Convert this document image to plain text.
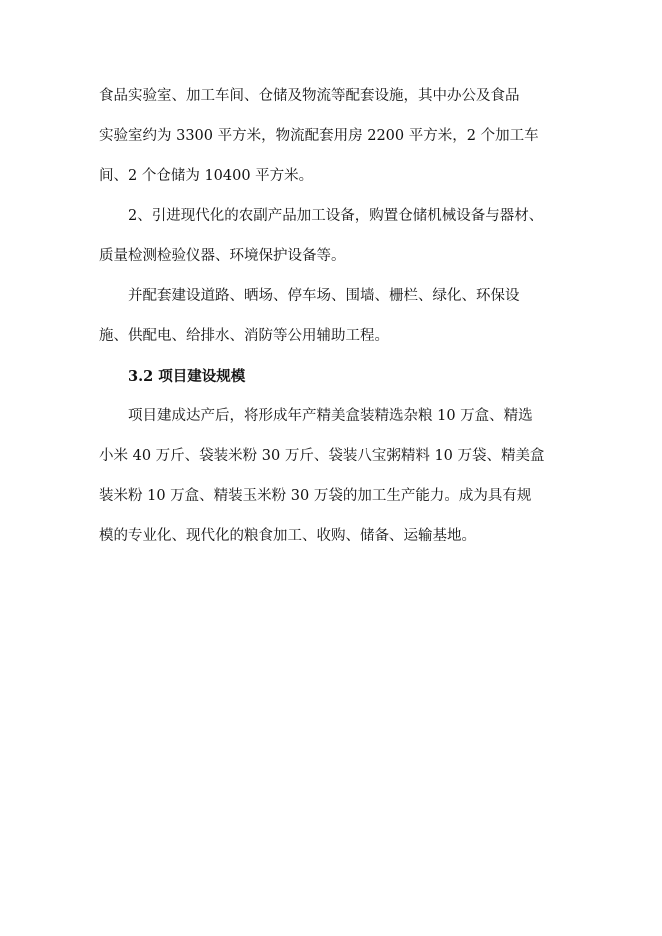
食品实验室、加工车间、仓储及物流等配套设施，其中办公及食品
实验室约为 3300 平方米，物流配套用房 2200 平方米，2 个加工车
间、2 个仓储为 10400 平方米。
2、引进现代化的农副产品加工设备，购置仓储机械设备与器材、
质量检测检验仪器、环境保护设备等。
并配套建设道路、晒场、停车场、围墙、栅栏、绿化、环保设
施、供配电、给排水、消防等公用辅助工程。
3.2 项目建设规模
项目建成达产后，将形成年产精美盒装精选杂粮 10 万盒、精选
小米 40 万斤、袋装米粉 30 万斤、袋装八宝粥精料 10 万袋、精美盒
装米粉 10 万盒、精装玉米粉 30 万袋的加工生产能力。成为具有规
模的专业化、现代化的粮食加工、收购、储备、运输基地。
